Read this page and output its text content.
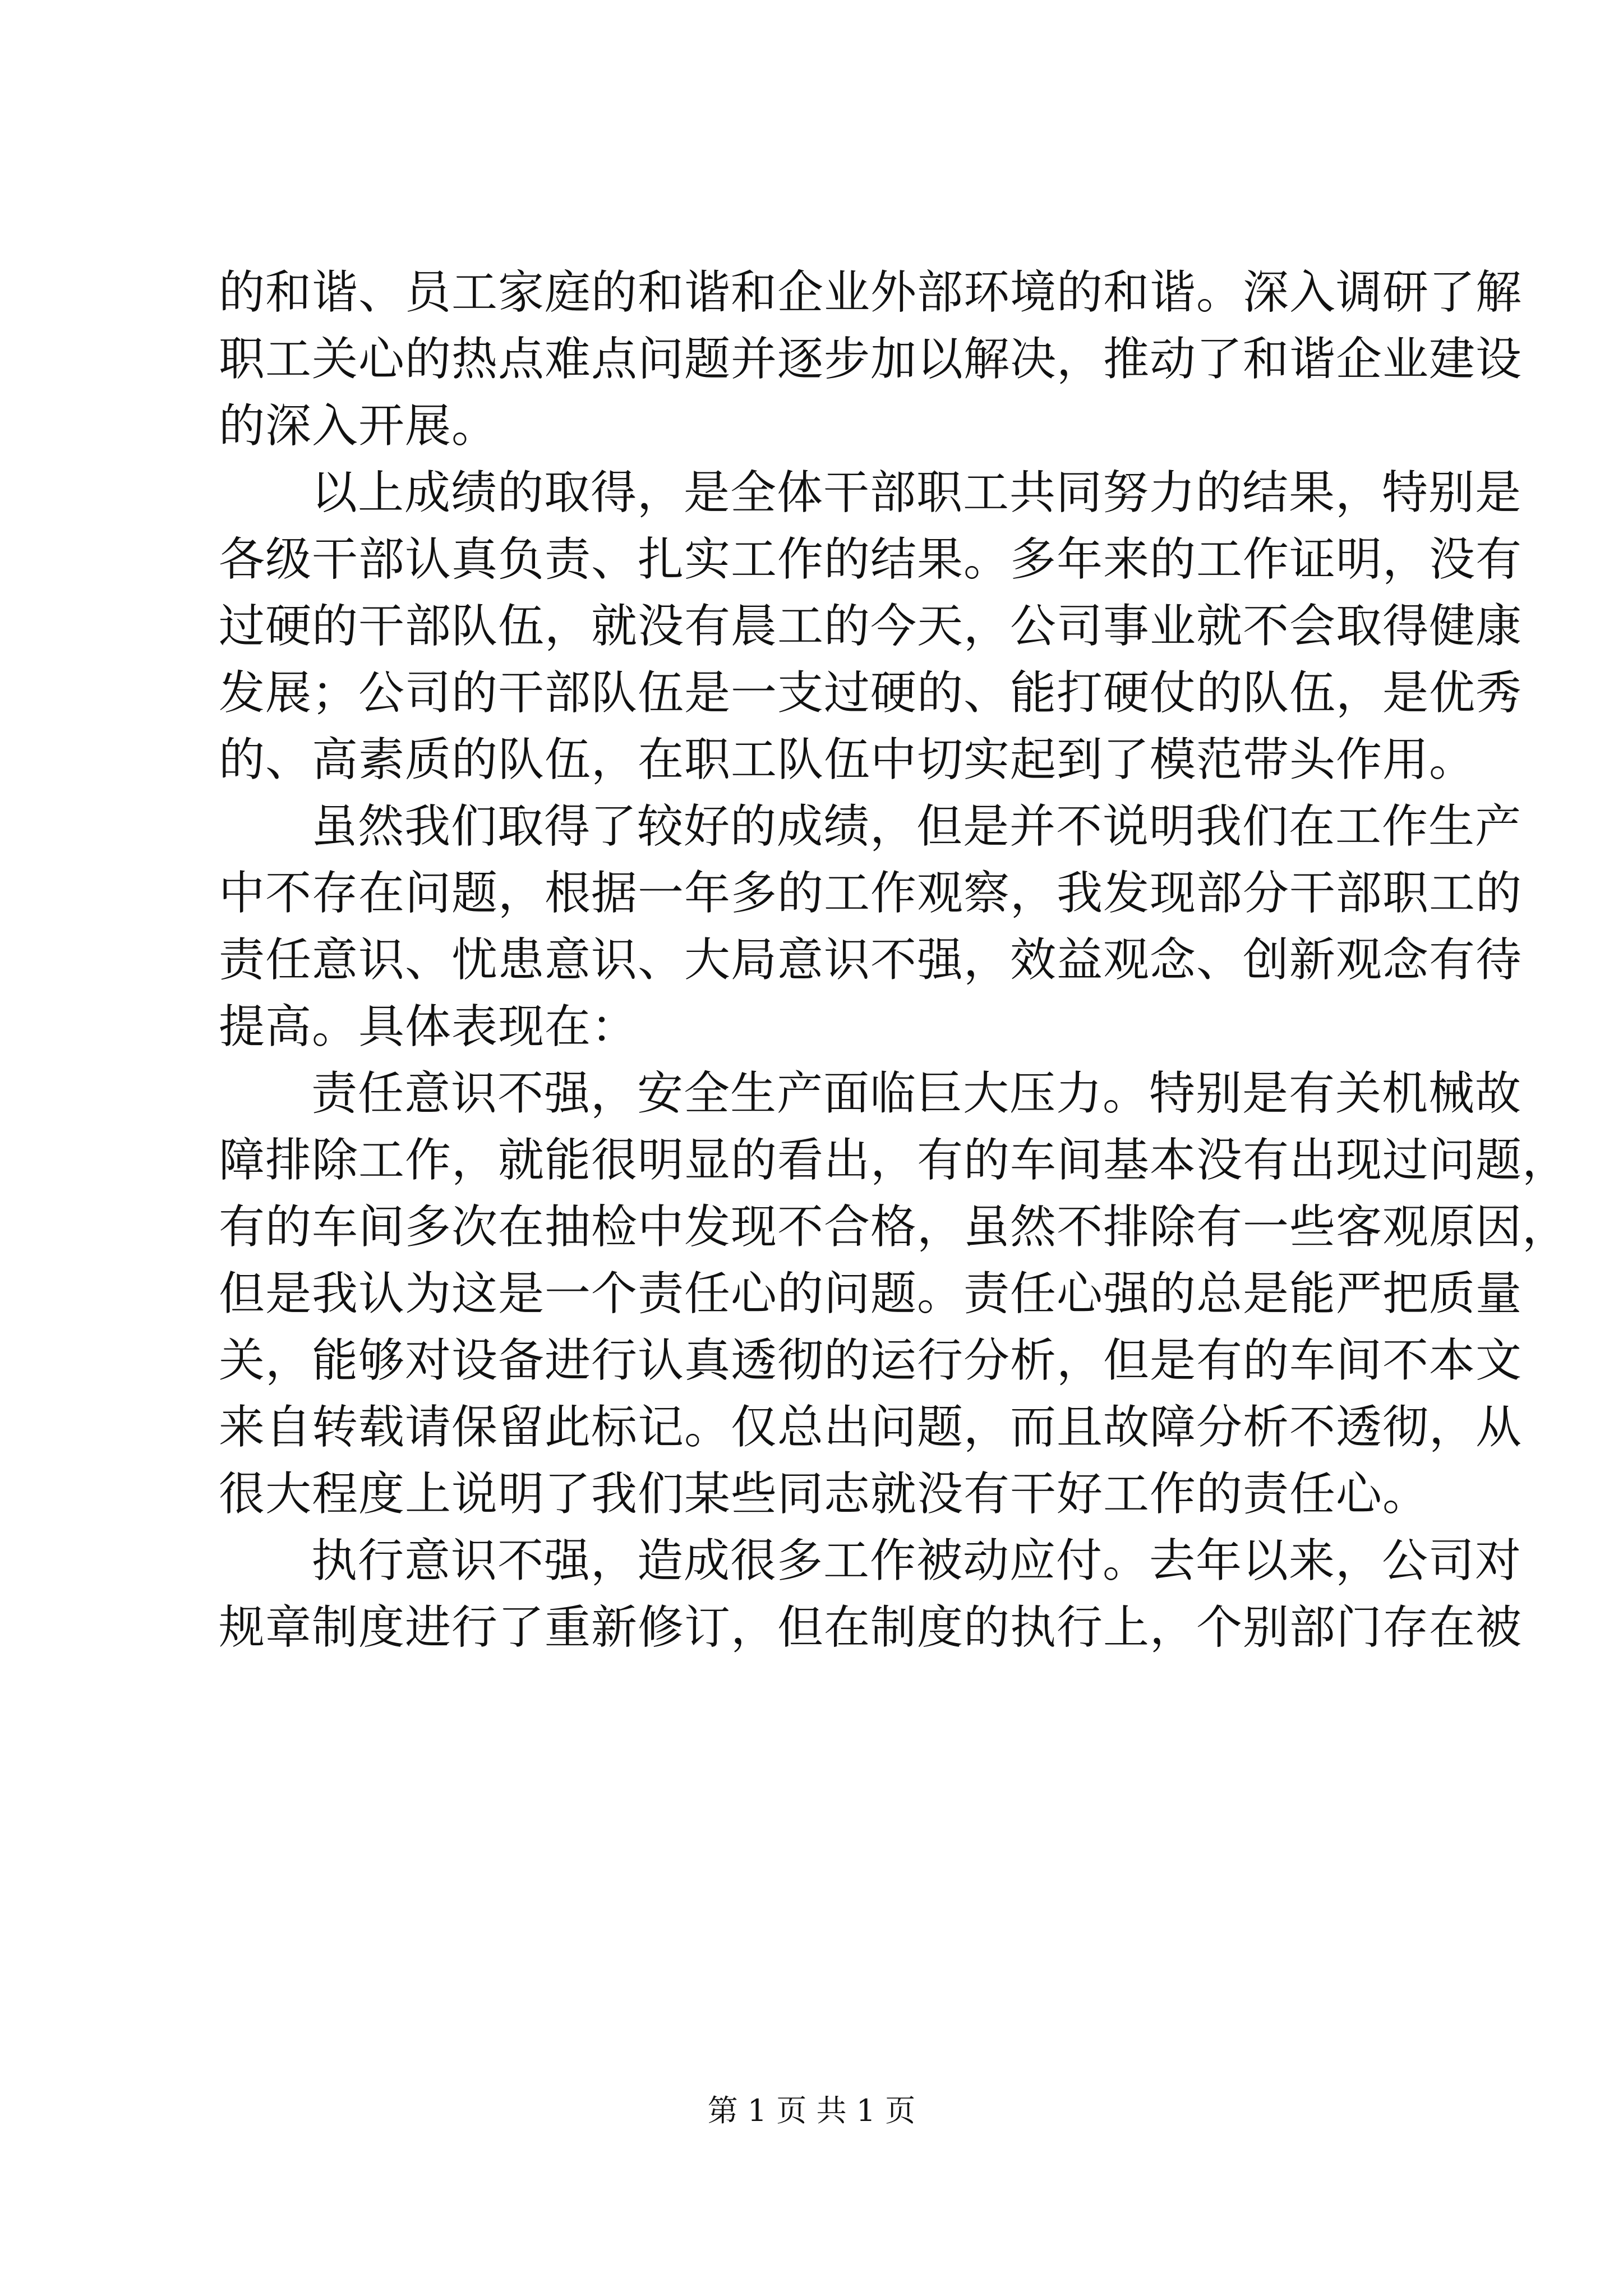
的和谐、员工家庭的和谐和企业外部环境的和谐。深入调研了解
职工关心的热点难点问题并逐步加以解决，推动了和谐企业建设
的深入开展。
以上成绩的取得，是全体干部职工共同努力的结果，特别是
各级干部认真负责、扎实工作的结果。多年来的工作证明，没有
过硬的干部队伍，就没有晨工的今天，公司事业就不会取得健康
发展；公司的干部队伍是一支过硬的、能打硬仗的队伍，是优秀
的、高素质的队伍，在职工队伍中切实起到了模范带头作用。
虽然我们取得了较好的成绩，但是并不说明我们在工作生产
中不存在问题，根据一年多的工作观察，我发现部分干部职工的
责任意识、忧患意识、大局意识不强，效益观念、创新观念有待
提高。具体表现在：
责任意识不强，安全生产面临巨大压力。特别是有关机械故
障排除工作，就能很明显的看出，有的车间基本没有出现过问题，
有的车间多次在抽检中发现不合格，虽然不排除有一些客观原因，
但是我认为这是一个责任心的问题。责任心强的总是能严把质量
关，能够对设备进行认真透彻的运行分析，但是有的车间不本文
来自转载请保留此标记。仅总出问题，而且故障分析不透彻，从
很大程度上说明了我们某些同志就没有干好工作的责任心。
执行意识不强，造成很多工作被动应付。去年以来，公司对
规章制度进行了重新修订，但在制度的执行上，个别部门存在被
第 1 页 共 1 页
